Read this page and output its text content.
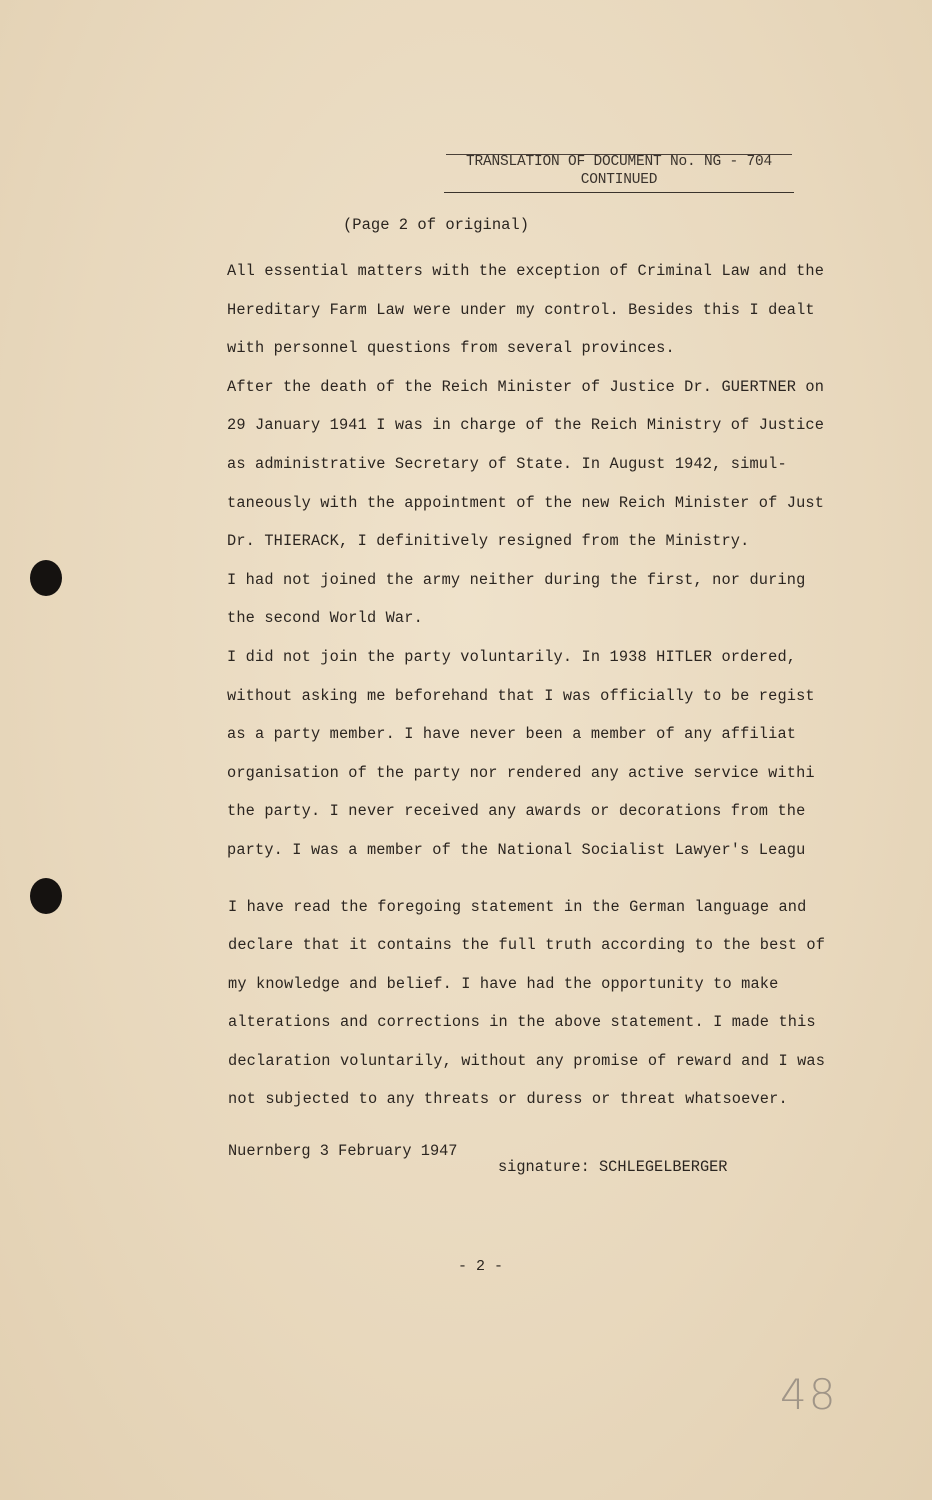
TRANSLATION OF DOCUMENT No. NG - 704
CONTINUED
(Page 2 of original)
All essential matters with the exception of Criminal Law and the
Hereditary Farm Law were under my control. Besides this I dealt
with personnel questions from several provinces.
After the death of the Reich Minister of Justice Dr. GUERTNER on
29 January 1941 I was in charge of the Reich Ministry of Justice
as administrative Secretary of State. In August 1942, simul-
taneously with the appointment of the new Reich Minister of Just
Dr. THIERACK, I definitively resigned from the Ministry.
I had not joined the army neither during the first, nor during
the second World War.
I did not join the party voluntarily. In 1938 HITLER ordered,
without asking me beforehand that I was officially to be regist
as a party member. I have never been a member of any affiliat
organisation of the party nor rendered any active service withi
the party. I never received any awards or decorations from the
party. I was a member of the National Socialist Lawyer's Leagu
I have read the foregoing statement in the German language and
declare that it contains the full truth according to the best of
my knowledge and belief. I have had the opportunity to make
alterations and corrections in the above statement. I made this
declaration voluntarily, without any promise of reward and I was
not subjected to any threats or duress or threat whatsoever.
Nuernberg 3 February 1947
signature: SCHLEGELBERGER
- 2 -
48
